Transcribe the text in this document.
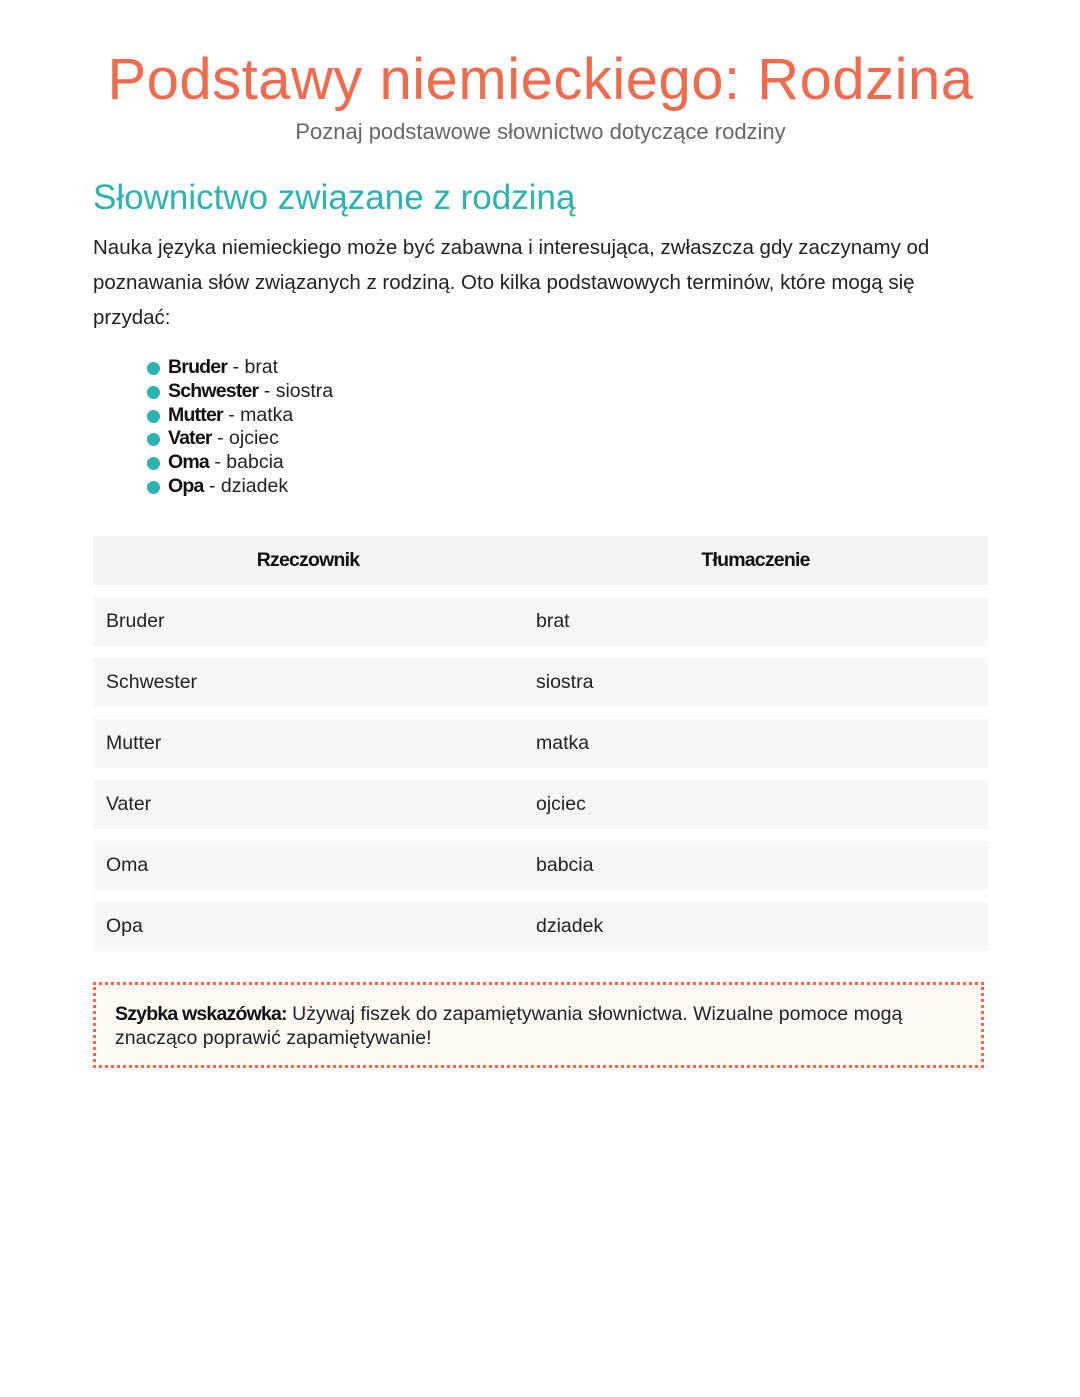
Podstawy niemieckiego: Rodzina
Poznaj podstawowe słownictwo dotyczące rodziny
Słownictwo związane z rodziną

Nauka języka niemieckiego może być zabawna i interesująca, zwłaszcza gdy zaczynamy od poznawania słów związanych z rodziną. Oto kilka podstawowych terminów, które mogą się przydać:

Bruder - brat
Schwester - siostra
Mutter - matka
Vater - ojciec
Oma - babcia
Opa - dziadek
Rzeczownik	Tłumaczenie
Bruder	brat
Schwester	siostra
Mutter	matka
Vater	ojciec
Oma	babcia
Opa	dziadek
Szybka wskazówka: Używaj fiszek do zapamiętywania słownictwa. Wizualne pomoce mogą znacząco poprawić zapamiętywanie!
